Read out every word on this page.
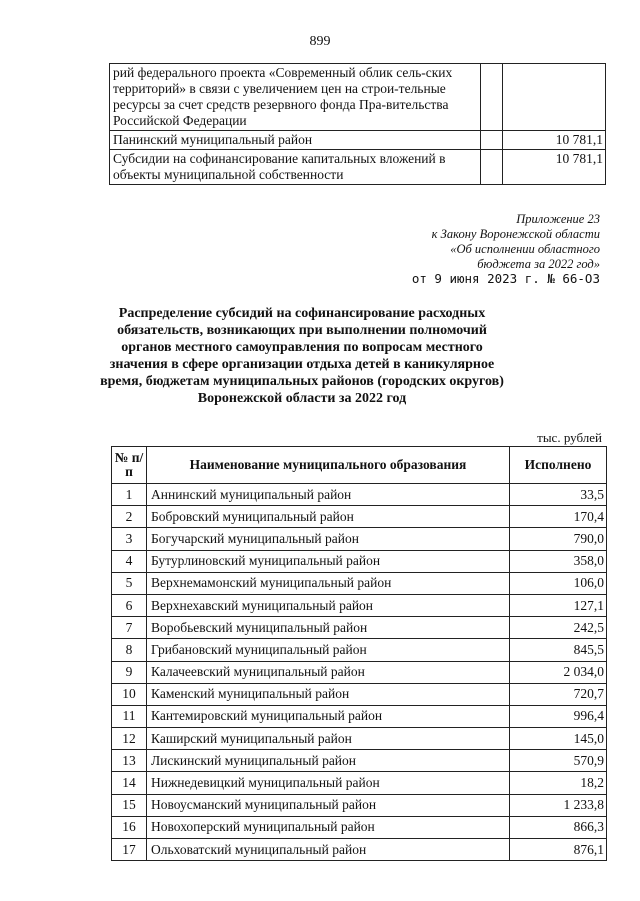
899
рий федерального проекта «Современный облик сель-ских территорий» в связи с увеличением цен на строи-тельные ресурсы за счет средств резервного фонда Пра-вительства Российской Федерации		
Панинский муниципальный район		10 781,1
Субсидии на софинансирование капитальных вложений в объекты муниципальной собственности		10 781,1
Приложение 23
к Закону Воронежской области
«Об исполнении областного
бюджета за 2022 год»
от 9 июня 2023 г. № 66-ОЗ
Распределение субсидий на софинансирование расходных обязательств, возникающих при выполнении полномочий органов местного самоуправления по вопросам местного значения в сфере организации отдыха детей в каникулярное время, бюджетам муниципальных районов (городских округов) Воронежской области за 2022 год
тыс. рублей
№ п/п	Наименование муниципального образования	Исполнено
1	Аннинский муниципальный район	33,5
2	Бобровский муниципальный район	170,4
3	Богучарский муниципальный район	790,0
4	Бутурлиновский муниципальный район	358,0
5	Верхнемамонский муниципальный район	106,0
6	Верхнехавский муниципальный район	127,1
7	Воробьевский муниципальный район	242,5
8	Грибановский муниципальный район	845,5
9	Калачеевский муниципальный район	2 034,0
10	Каменский муниципальный район	720,7
11	Кантемировский муниципальный район	996,4
12	Каширский муниципальный район	145,0
13	Лискинский муниципальный район	570,9
14	Нижнедевицкий муниципальный район	18,2
15	Новоусманский муниципальный район	1 233,8
16	Новохоперский муниципальный район	866,3
17	Ольховатский муниципальный район	876,1
